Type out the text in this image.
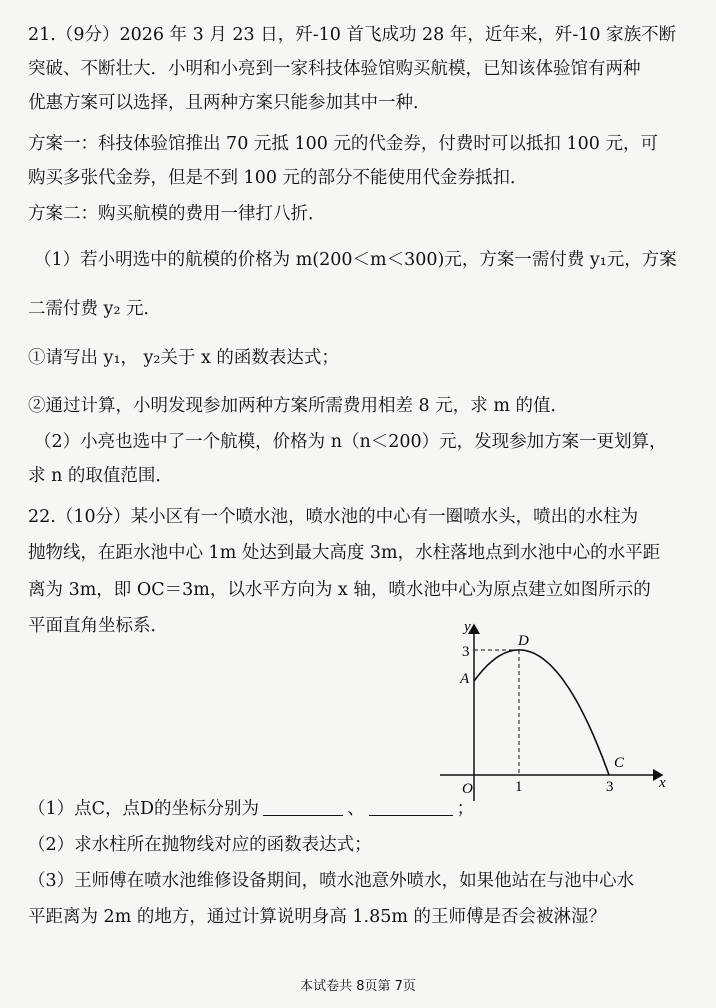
21.（9分）2026 年 3 月 23 日，歼-10 首飞成功 28 年，近年来，歼-10 家族不断
突破、不断壮大．小明和小亮到一家科技体验馆购买航模，已知该体验馆有两种
优惠方案可以选择，且两种方案只能参加其中一种．
方案一：科技体验馆推出 70 元抵 100 元的代金券，付费时可以抵扣 100 元，可
购买多张代金券，但是不到 100 元的部分不能使用代金券抵扣．
方案二：购买航模的费用一律打八折．
（1）若小明选中的航模的价格为 m(200＜m＜300)元，方案一需付费 y₁元，方案
二需付费 y₂ 元．
①请写出 y₁， y₂关于 x 的函数表达式；
②通过计算，小明发现参加两种方案所需费用相差 8 元，求 m 的值．
（2）小亮也选中了一个航模，价格为 n（n＜200）元，发现参加方案一更划算，
求 n 的取值范围．
22.（10分）某小区有一个喷水池，喷水池的中心有一圈喷水头，喷出的水柱为
抛物线，在距水池中心 1m 处达到最大高度 3m，水柱落地点到水池中心的水平距
离为 3m，即 OC＝3m，以水平方向为 x 轴，喷水池中心为原点建立如图所示的
平面直角坐标系．
O
y
x
3
A
D
C
1	3
（1）点C，点D的坐标分别为	、	；
（2）求水柱所在抛物线对应的函数表达式；
（3）王师傅在喷水池维修设备期间，喷水池意外喷水，如果他站在与池中心水
平距离为 2m 的地方，通过计算说明身高 1.85m 的王师傅是否会被淋湿？
本试卷共 8页第 7页
